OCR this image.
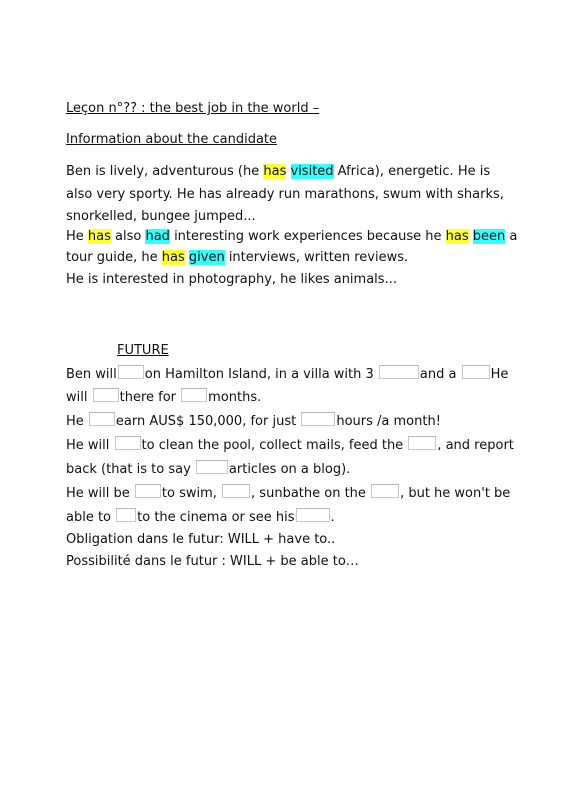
Leçon n°?? : the best job in the world –
Information about the candidate
Ben is lively, adventurous (he has visited Africa), energetic. He is
also very sporty. He has already run marathons, swum with sharks,
snorkelled, bungee jumped...
He has also had interesting work experiences because he has been a
tour guide, he has given interviews, written reviews.
He is interested in photography, he likes animals...
FUTURE
Ben will on Hamilton Island, in a villa with 3	and a	He
will there for months.
He earn AUS$ 150,000, for just	hours /a month!
He will to clean the pool, collect mails, feed the	, and report
back (that is to say	articles on a blog).
He will be to swim,	, sunbathe on the	, but he won't be
able to to the cinema or see his	.
Obligation dans le futur: WILL + have to..
Possibilité dans le futur : WILL + be able to…
